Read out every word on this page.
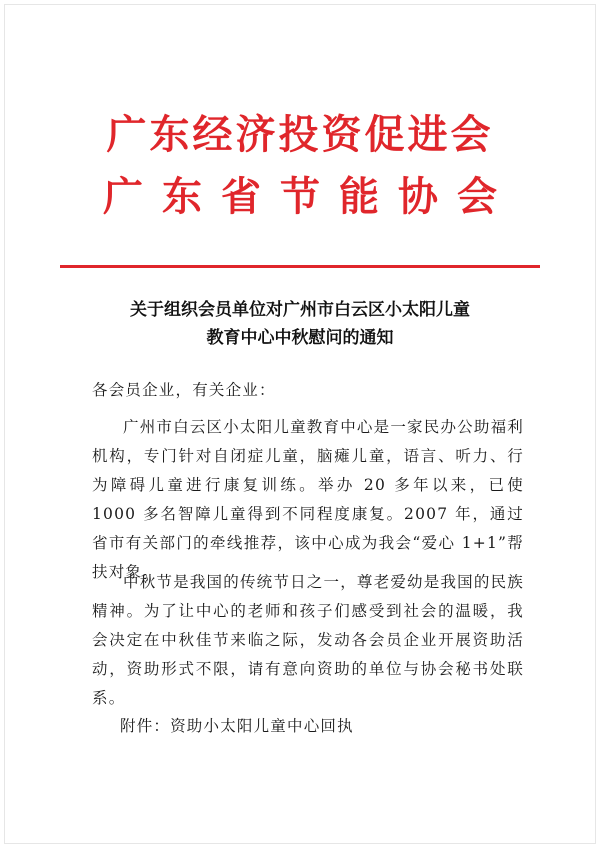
广东经济投资促进会
广东省节能协会
关于组织会员单位对广州市白云区小太阳儿童
教育中心中秋慰问的通知
各会员企业，有关企业：
广州市白云区小太阳儿童教育中心是一家民办公助福利机构，专门针对自闭症儿童，脑瘫儿童，语言、听力、行为障碍儿童进行康复训练。举办 20 多年以来，已使 1000 多名智障儿童得到不同程度康复。2007 年，通过省市有关部门的牵线推荐，该中心成为我会“爱心 1+1”帮扶对象。
中秋节是我国的传统节日之一，尊老爱幼是我国的民族精神。为了让中心的老师和孩子们感受到社会的温暖，我会决定在中秋佳节来临之际，发动各会员企业开展资助活动，资助形式不限，请有意向资助的单位与协会秘书处联系。
附件：资助小太阳儿童中心回执
